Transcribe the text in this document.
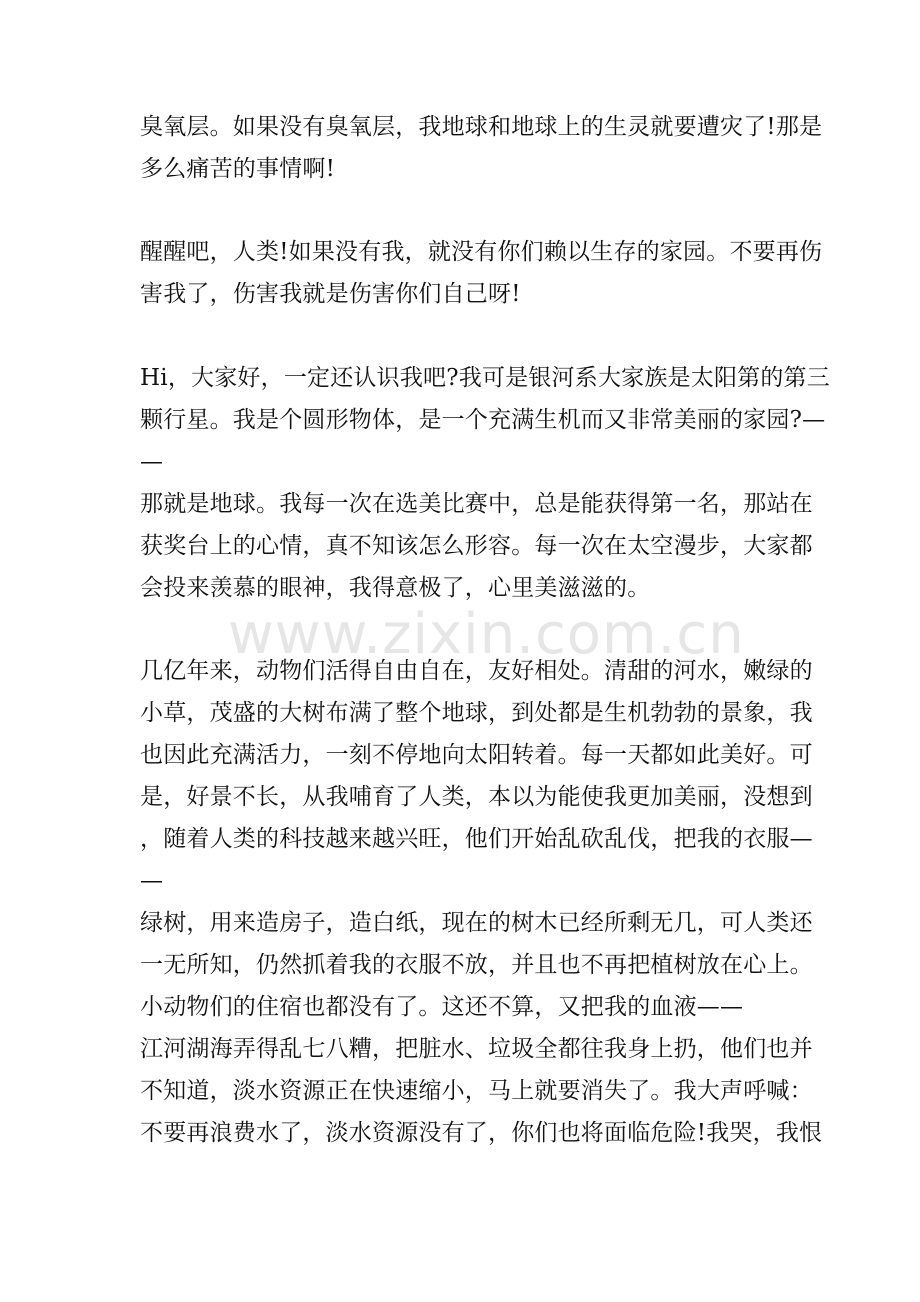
www.zixin.com.cn
臭氧层。如果没有臭氧层，我地球和地球上的生灵就要遭灾了!那是
多么痛苦的事情啊!
醒醒吧，人类!如果没有我，就没有你们赖以生存的家园。不要再伤
害我了，伤害我就是伤害你们自己呀!
Hi，大家好，一定还认识我吧?我可是银河系大家族是太阳第的第三
颗行星。我是个圆形物体，是一个充满生机而又非常美丽的家园?—
—
那就是地球。我每一次在选美比赛中，总是能获得第一名，那站在
获奖台上的心情，真不知该怎么形容。每一次在太空漫步，大家都
会投来羡慕的眼神，我得意极了，心里美滋滋的。
几亿年来，动物们活得自由自在，友好相处。清甜的河水，嫩绿的
小草，茂盛的大树布满了整个地球，到处都是生机勃勃的景象，我
也因此充满活力，一刻不停地向太阳转着。每一天都如此美好。可
是，好景不长，从我哺育了人类，本以为能使我更加美丽，没想到
，随着人类的科技越来越兴旺，他们开始乱砍乱伐，把我的衣服—
—
绿树，用来造房子，造白纸，现在的树木已经所剩无几，可人类还
一无所知，仍然抓着我的衣服不放，并且也不再把植树放在心上。
小动物们的住宿也都没有了。这还不算，又把我的血液——
江河湖海弄得乱七八糟，把脏水、垃圾全都往我身上扔，他们也并
不知道，淡水资源正在快速缩小，马上就要消失了。我大声呼喊：
不要再浪费水了，淡水资源没有了，你们也将面临危险!我哭，我恨
